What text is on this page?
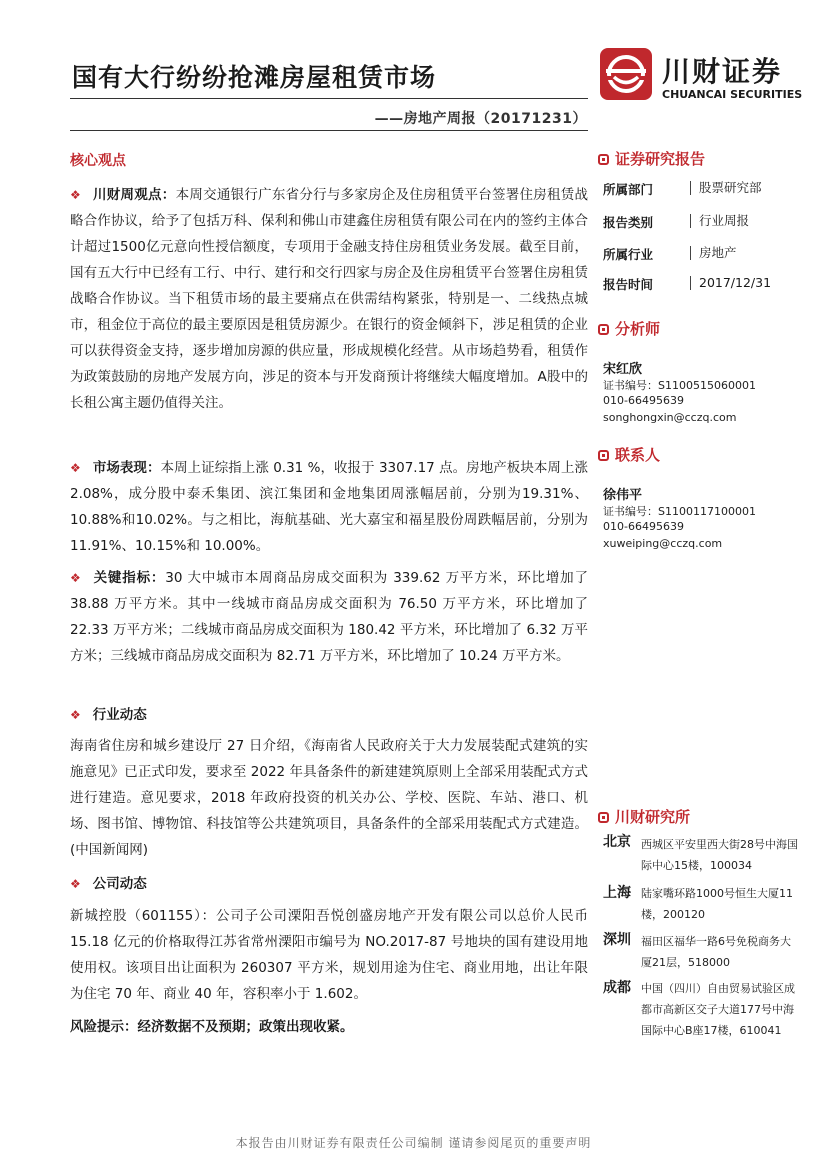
国有大行纷纷抢滩房屋租赁市场
——房地产周报（20171231）
川财证券
CHUANCAI SECURITIES
核心观点

❖ 川财周观点：本周交通银行广东省分行与多家房企及住房租赁平台签署住房租赁战略合作协议，给予了包括万科、保利和佛山市建鑫住房租赁有限公司在内的签约主体合计超过1500亿元意向性授信额度，专项用于金融支持住房租赁业务发展。截至目前，国有五大行中已经有工行、中行、建行和交行四家与房企及住房租赁平台签署住房租赁战略合作协议。当下租赁市场的最主要痛点在供需结构紧张，特别是一、二线热点城市，租金位于高位的最主要原因是租赁房源少。在银行的资金倾斜下，涉足租赁的企业可以获得资金支持，逐步增加房源的供应量，形成规模化经营。从市场趋势看，租赁作为政策鼓励的房地产发展方向，涉足的资本与开发商预计将继续大幅度增加。A股中的长租公寓主题仍值得关注。

❖ 市场表现：本周上证综指上涨 0.31 %，收报于 3307.17 点。房地产板块本周上涨 2.08%，成分股中泰禾集团、滨江集团和金地集团周涨幅居前，分别为19.31%、10.88%和10.02%。与之相比，海航基础、光大嘉宝和福星股份周跌幅居前，分别为 11.91%、10.15%和 10.00%。

❖ 关键指标：30 大中城市本周商品房成交面积为 339.62 万平方米，环比增加了 38.88 万平方米。其中一线城市商品房成交面积为 76.50 万平方米，环比增加了 22.33 万平方米；二线城市商品房成交面积为 180.42 平方米，环比增加了 6.32 万平方米；三线城市商品房成交面积为 82.71 万平方米，环比增加了 10.24 万平方米。

❖ 行业动态

海南省住房和城乡建设厅 27 日介绍，《海南省人民政府关于大力发展装配式建筑的实施意见》已正式印发，要求至 2022 年具备条件的新建建筑原则上全部采用装配式方式进行建造。意见要求，2018 年政府投资的机关办公、学校、医院、车站、港口、机场、图书馆、博物馆、科技馆等公共建筑项目，具备条件的全部采用装配式方式建造。(中国新闻网)

❖ 公司动态

新城控股（601155）：公司子公司溧阳吾悦创盛房地产开发有限公司以总价人民币 15.18 亿元的价格取得江苏省常州溧阳市编号为 NO.2017-87 号地块的国有建设用地使用权。该项目出让面积为 260307 平方米，规划用途为住宅、商业用地，出让年限为住宅 70 年、商业 40 年，容积率小于 1.602。

风险提示：经济数据不及预期；政策出现收紧。
证券研究报告
所属部门	股票研究部
报告类别	行业周报
所属行业	房地产
报告时间	2017/12/31
分析师
宋红欣
证书编号：S1100515060001
010-66495639
songhongxin@cczq.com
联系人
徐伟平
证书编号：S1100117100001
010-66495639
xuweiping@cczq.com
川财研究所
北京 西城区平安里西大街28号中海国际中心15楼，100034
上海 陆家嘴环路1000号恒生大厦11楼，200120
深圳 福田区福华一路6号免税商务大厦21层，518000
成都 中国（四川）自由贸易试验区成都市高新区交子大道177号中海国际中心B座17楼，610041
本报告由川财证券有限责任公司编制 谨请参阅尾页的重要声明
